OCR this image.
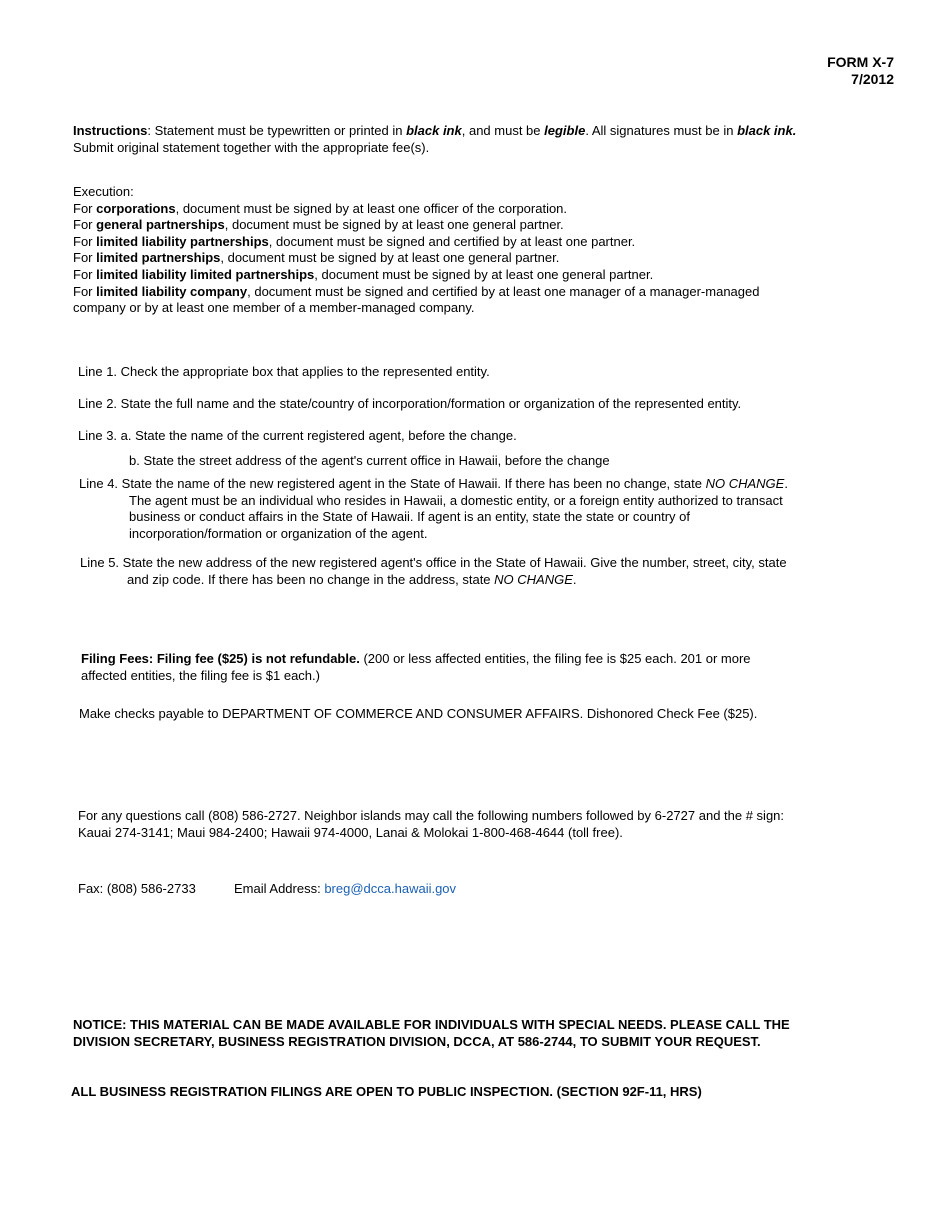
FORM X-7
7/2012
Instructions: Statement must be typewritten or printed in black ink, and must be legible. All signatures must be in black ink.
Submit original statement together with the appropriate fee(s).
Execution:
For corporations, document must be signed by at least one officer of the corporation.
For general partnerships, document must be signed by at least one general partner.
For limited liability partnerships, document must be signed and certified by at least one partner.
For limited partnerships, document must be signed by at least one general partner.
For limited liability limited partnerships, document must be signed by at least one general partner.
For limited liability company, document must be signed and certified by at least one manager of a manager-managed
company or by at least one member of a member-managed company.
Line 1. Check the appropriate box that applies to the represented entity.
Line 2. State the full name and the state/country of incorporation/formation or organization of the represented entity.
Line 3. a. State the name of the current registered agent, before the change.
b. State the street address of the agent's current office in Hawaii, before the change
Line 4. State the name of the new registered agent in the State of Hawaii. If there has been no change, state NO CHANGE.
The agent must be an individual who resides in Hawaii, a domestic entity, or a foreign entity authorized to transact
business or conduct affairs in the State of Hawaii. If agent is an entity, state the state or country of
incorporation/formation or organization of the agent.
Line 5. State the new address of the new registered agent's office in the State of Hawaii. Give the number, street, city, state
and zip code. If there has been no change in the address, state NO CHANGE.
Filing Fees: Filing fee ($25) is not refundable. (200 or less affected entities, the filing fee is $25 each. 201 or more
affected entities, the filing fee is $1 each.)
Make checks payable to DEPARTMENT OF COMMERCE AND CONSUMER AFFAIRS. Dishonored Check Fee ($25).
For any questions call (808) 586-2727. Neighbor islands may call the following numbers followed by 6-2727 and the # sign:
Kauai 274-3141; Maui 984-2400; Hawaii 974-4000, Lanai & Molokai 1-800-468-4644 (toll free).
Fax: (808) 586-2733	Email Address: breg@dcca.hawaii.gov
NOTICE: THIS MATERIAL CAN BE MADE AVAILABLE FOR INDIVIDUALS WITH SPECIAL NEEDS. PLEASE CALL THE
DIVISION SECRETARY, BUSINESS REGISTRATION DIVISION, DCCA, AT 586-2744, TO SUBMIT YOUR REQUEST.
ALL BUSINESS REGISTRATION FILINGS ARE OPEN TO PUBLIC INSPECTION. (SECTION 92F-11, HRS)
